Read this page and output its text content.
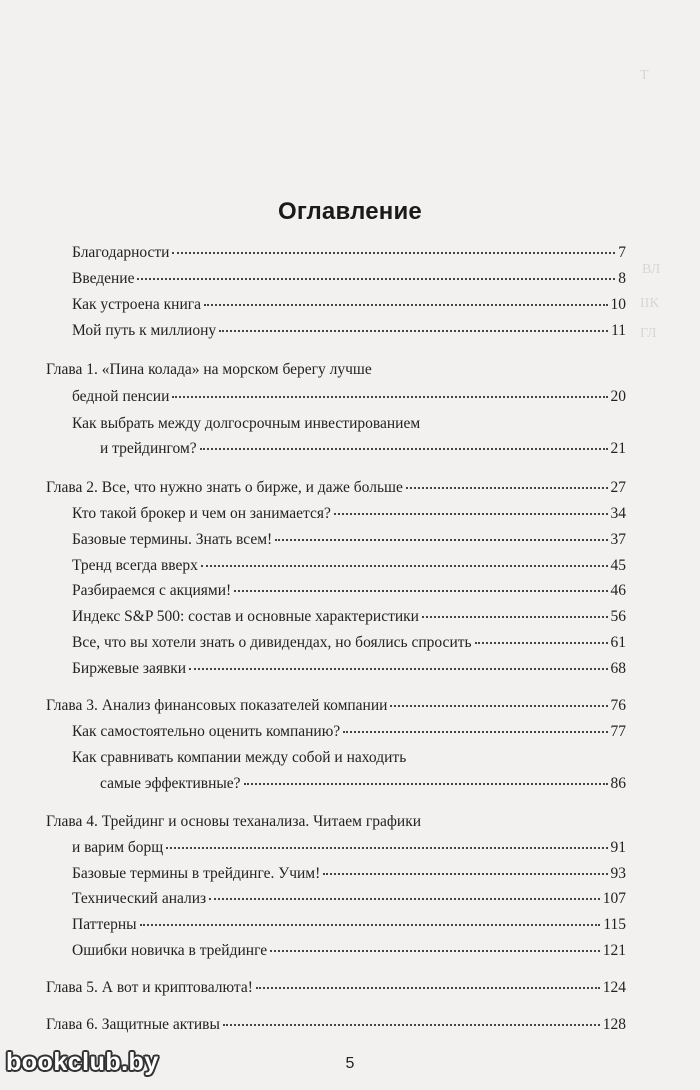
Т
ВЛ
IIK
ГЛ
Оглавление
Благодарности	7
Введение	8
Как устроена книга	10
Мой путь к миллиону	11
Глава 1. «Пина колада» на морском берегу лучше
бедной пенсии	20
Как выбрать между долгосрочным инвестированием
и трейдингом?	21
Глава 2. Все, что нужно знать о бирже, и даже больше	27
Кто такой брокер и чем он занимается?	34
Базовые термины. Знать всем!	37
Тренд всегда вверх	45
Разбираемся с акциями!	46
Индекс S&P 500: состав и основные характеристики	56
Все, что вы хотели знать о дивидендах, но боялись спросить	61
Биржевые заявки	68
Глава 3. Анализ финансовых показателей компании	76
Как самостоятельно оценить компанию?	77
Как сравнивать компании между собой и находить
самые эффективные?	86
Глава 4. Трейдинг и основы теханализа. Читаем графики
и варим борщ	91
Базовые термины в трейдинге. Учим!	93
Технический анализ	107
Паттерны	115
Ошибки новичка в трейдинге	121
Глава 5. А вот и криптовалюта!	124
Глава 6. Защитные активы	128
5
bookclub.by
